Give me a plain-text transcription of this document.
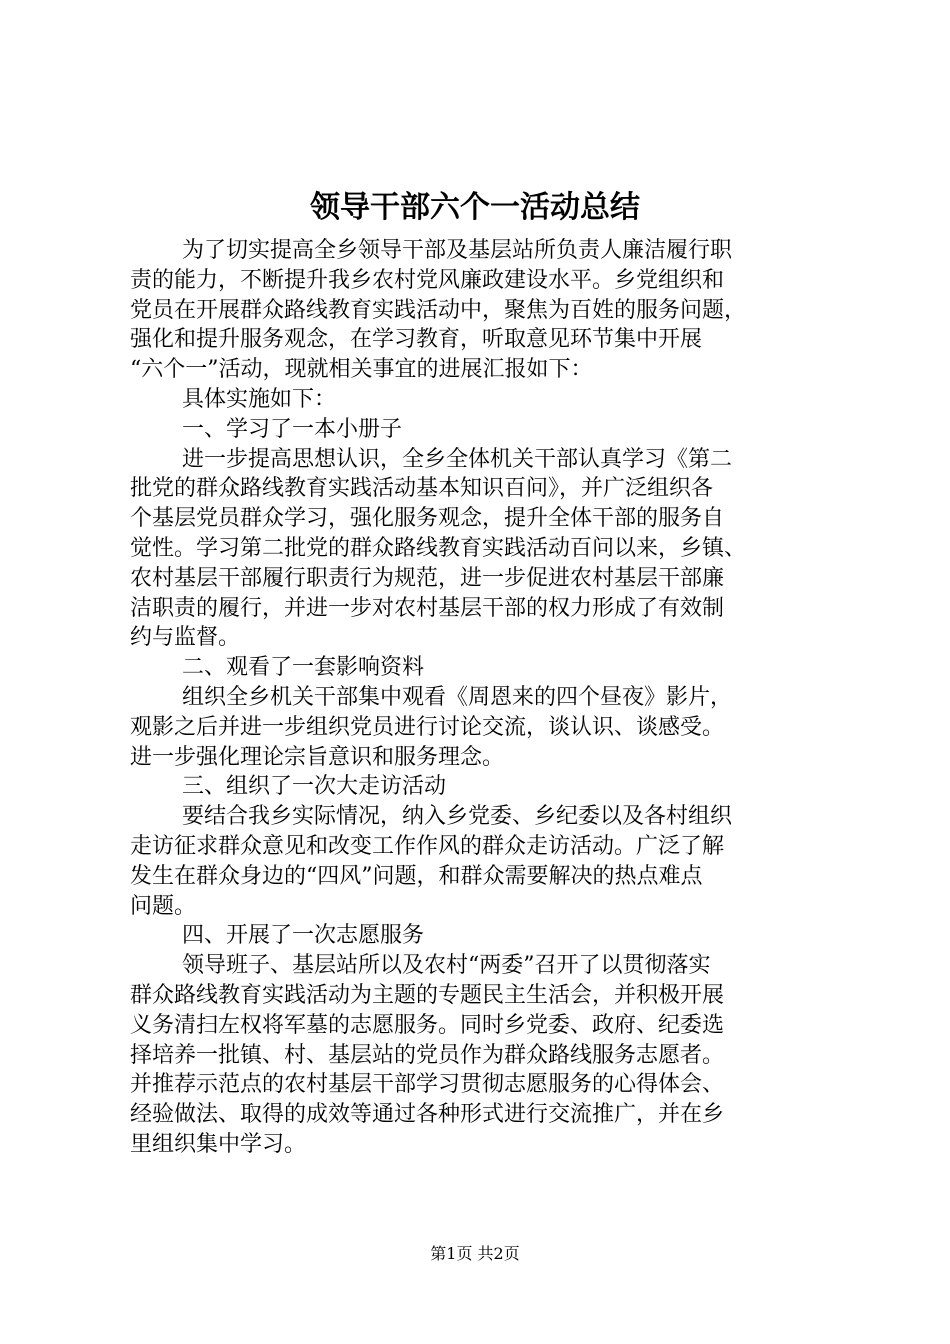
领导干部六个一活动总结

为了切实提高全乡领导干部及基层站所负责人廉洁履行职

责的能力，不断提升我乡农村党风廉政建设水平。乡党组织和

党员在开展群众路线教育实践活动中，聚焦为百姓的服务问题，

强化和提升服务观念，在学习教育，听取意见环节集中开展

“六个一”活动，现就相关事宜的进展汇报如下：

具体实施如下：

一、学习了一本小册子

进一步提高思想认识，全乡全体机关干部认真学习《第二

批党的群众路线教育实践活动基本知识百问》，并广泛组织各

个基层党员群众学习，强化服务观念，提升全体干部的服务自

觉性。学习第二批党的群众路线教育实践活动百问以来，乡镇、

农村基层干部履行职责行为规范，进一步促进农村基层干部廉

洁职责的履行，并进一步对农村基层干部的权力形成了有效制

约与监督。

二、观看了一套影响资料

组织全乡机关干部集中观看《周恩来的四个昼夜》影片，

观影之后并进一步组织党员进行讨论交流，谈认识、谈感受。

进一步强化理论宗旨意识和服务理念。

三、组织了一次大走访活动

要结合我乡实际情况，纳入乡党委、乡纪委以及各村组织

走访征求群众意见和改变工作作风的群众走访活动。广泛了解

发生在群众身边的“四风”问题，和群众需要解决的热点难点

问题。

四、开展了一次志愿服务

领导班子、基层站所以及农村“两委”召开了以贯彻落实

群众路线教育实践活动为主题的专题民主生活会，并积极开展

义务清扫左权将军墓的志愿服务。同时乡党委、政府、纪委选

择培养一批镇、村、基层站的党员作为群众路线服务志愿者。

并推荐示范点的农村基层干部学习贯彻志愿服务的心得体会、

经验做法、取得的成效等通过各种形式进行交流推广，并在乡

里组织集中学习。

第1页 共2页
